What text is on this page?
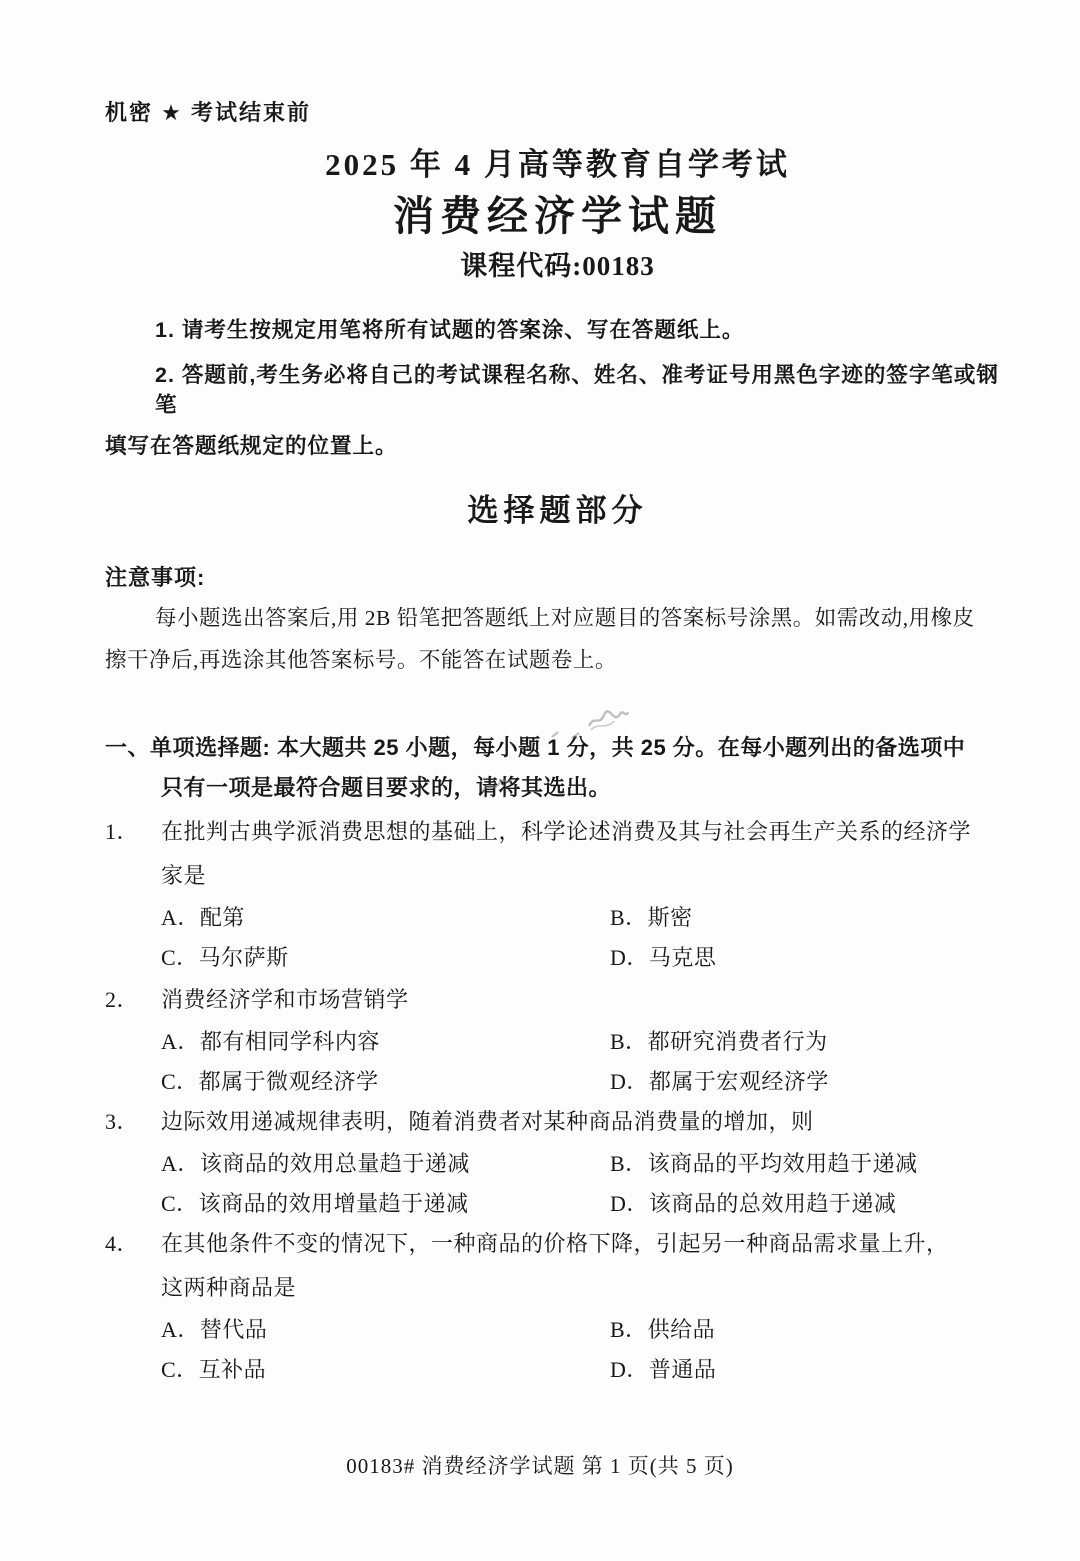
机密 ★ 考试结束前
2025 年 4 月高等教育自学考试
消费经济学试题
课程代码:00183

1. 请考生按规定用笔将所有试题的答案涂、写在答题纸上。

2. 答题前,考生务必将自己的考试课程名称、姓名、准考证号用黑色字迹的签字笔或钢笔

填写在答题纸规定的位置上。

选择题部分
注意事项:

每小题选出答案后,用 2B 铅笔把答题纸上对应题目的答案标号涂黑。如需改动,用橡皮

擦干净后,再选涂其他答案标号。不能答在试题卷上。

一、单项选择题: 本大题共 25 小题，每小题 1 分，共 25 分。在每小题列出的备选项中

只有一项是最符合题目要求的，请将其选出。

1． 在批判古典学派消费思想的基础上，科学论述消费及其与社会再生产关系的经济学

家是

A．配第	B．斯密
C．马尔萨斯	D．马克思
2． 消费经济学和市场营销学

A．都有相同学科内容	B．都研究消费者行为
C．都属于微观经济学	D．都属于宏观经济学
3． 边际效用递减规律表明，随着消费者对某种商品消费量的增加，则

A．该商品的效用总量趋于递减	B．该商品的平均效用趋于递减
C．该商品的效用增量趋于递减	D．该商品的总效用趋于递减
4． 在其他条件不变的情况下，一种商品的价格下降，引起另一种商品需求量上升，

这两种商品是

A．替代品	B．供给品
C．互补品	D．普通品
00183# 消费经济学试题 第 1 页(共 5 页)
